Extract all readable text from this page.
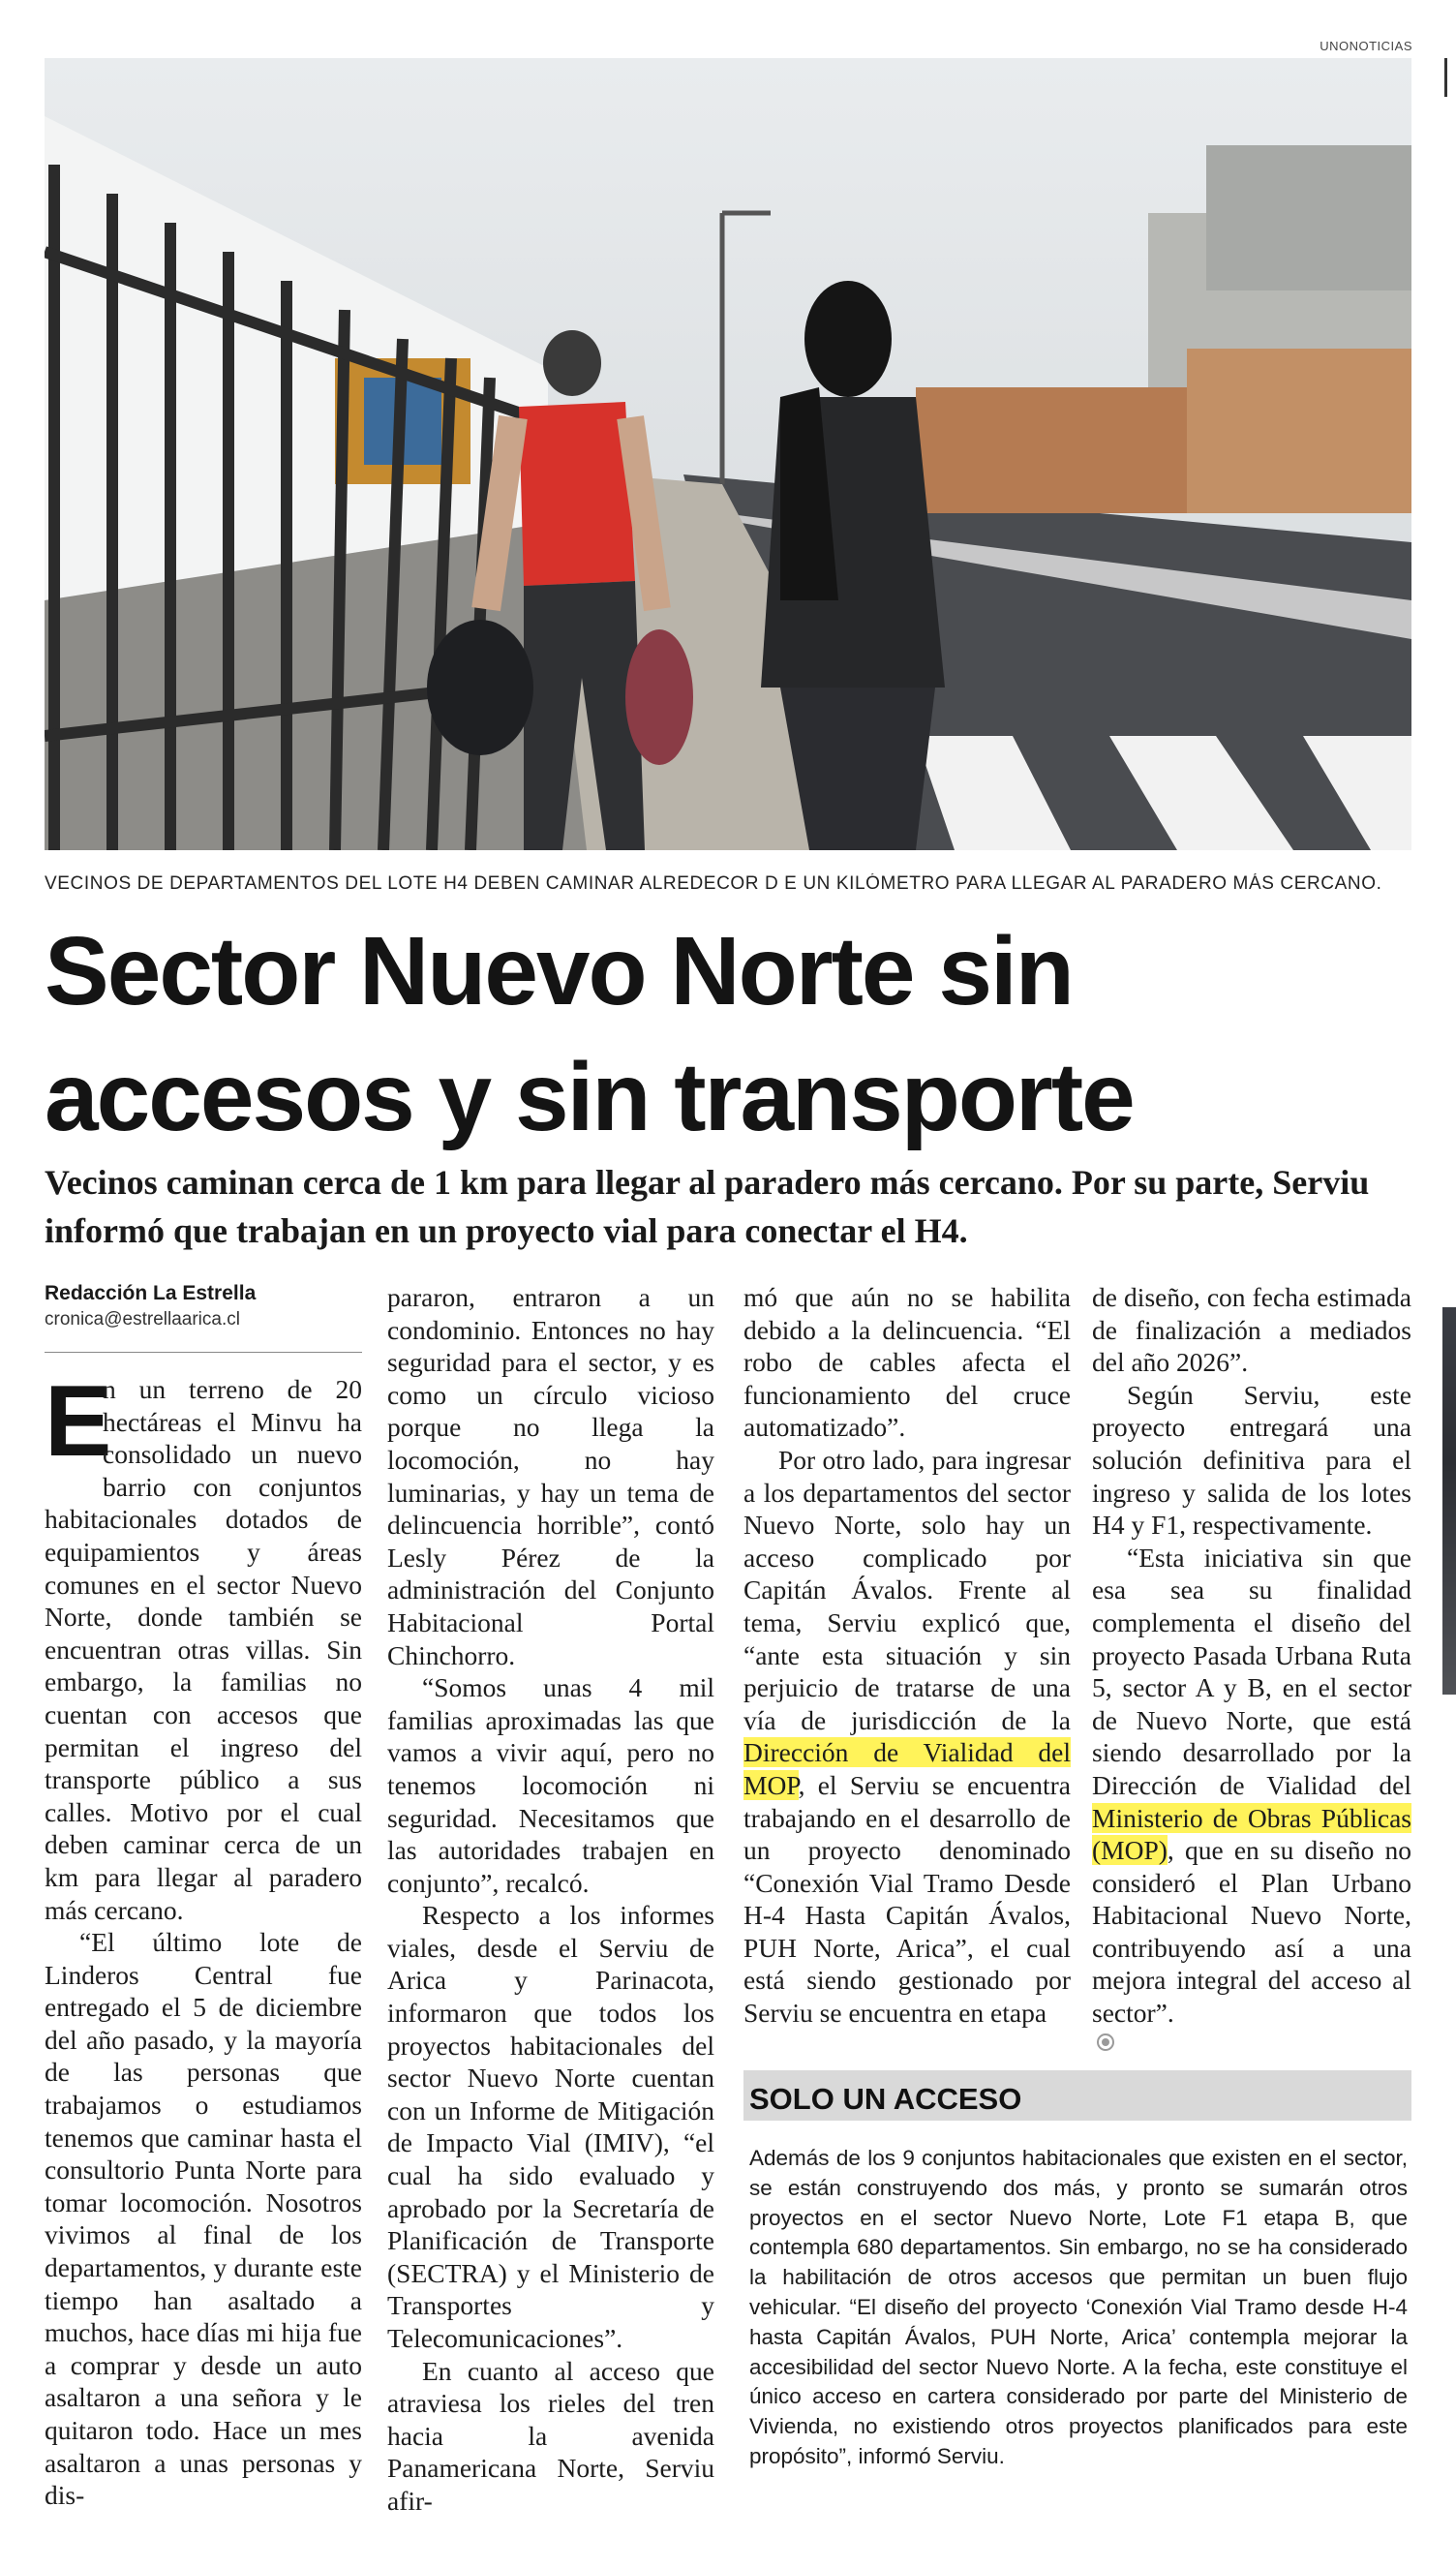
UNONOTICIAS
VECINOS DE DEPARTAMENTOS DEL LOTE H4 DEBEN CAMINAR ALREDECOR D E UN KILÓMETRO PARA LLEGAR AL PARADERO MÁS CERCANO.
Sector Nuevo Norte sin
accesos y sin transporte
Vecinos caminan cerca de 1 km para llegar al paradero más cercano. Por su parte, Serviu informó que trabajan en un proyecto vial para conectar el H4.
Redacción La Estrella
cronica@estrellaarica.cl

E
n un terreno de 20 hectáreas el Minvu ha consolidado un nuevo barrio con conjuntos habitacionales dotados de equipamientos y áreas comunes en el sector Nuevo Norte, donde también se encuentran otras villas. Sin embargo, la familias no cuentan con accesos que permitan el ingreso del transporte público a sus calles. Motivo por el cual deben caminar cerca de un km para llegar al paradero más cercano.

“El último lote de Linderos Central fue entregado el 5 de diciembre del año pasado, y la mayoría de las personas que trabajamos o estudiamos tenemos que caminar hasta el consultorio Punta Norte para tomar locomoción. Nosotros vivimos al final de los departamentos, y durante este tiempo han asaltado a muchos, hace días mi hija fue a comprar y desde un auto asaltaron a una señora y le quitaron todo. Hace un mes asaltaron a unas personas y dis-

pararon, entraron a un condominio. Entonces no hay seguridad para el sector, y es como un círculo vicioso porque no llega la locomoción, no hay luminarias, y hay un tema de delincuencia horrible”, contó Lesly Pérez de la administración del Conjunto Habitacional Portal Chinchorro.

“Somos unas 4 mil familias aproximadas las que vamos a vivir aquí, pero no tenemos locomoción ni seguridad. Necesitamos que las autoridades trabajen en conjunto”, recalcó.

Respecto a los informes viales, desde el Serviu de Arica y Parinacota, informaron que todos los proyectos habitacionales del sector Nuevo Norte cuentan con un Informe de Mitigación de Impacto Vial (IMIV), “el cual ha sido evaluado y aprobado por la Secretaría de Planificación de Transporte (SECTRA) y el Ministerio de Transportes y Telecomunicaciones”.

En cuanto al acceso que atraviesa los rieles del tren hacia la avenida Panamericana Norte, Serviu afir-

mó que aún no se habilita debido a la delincuencia. “El robo de cables afecta el funcionamiento del cruce automatizado”.

Por otro lado, para ingresar a los departamentos del sector Nuevo Norte, solo hay un acceso complicado por Capitán Ávalos. Frente al tema, Serviu explicó que, “ante esta situación y sin perjuicio de tratarse de una vía de jurisdicción de la Dirección de Vialidad del MOP, el Serviu se encuentra trabajando en el desarrollo de un proyecto denominado “Conexión Vial Tramo Desde H-4 Hasta Capitán Ávalos, PUH Norte, Arica”, el cual está siendo gestionado por Serviu se encuentra en etapa

de diseño, con fecha estimada de finalización a mediados del año 2026”.

Según Serviu, este proyecto entregará una solución definitiva para el ingreso y salida de los lotes H4 y F1, respectivamente.

“Esta iniciativa sin que esa sea su finalidad complementa el diseño del proyecto Pasada Urbana Ruta 5, sector A y B, en el sector de Nuevo Norte, que está siendo desarrollado por la Dirección de Vialidad del Ministerio de Obras Públicas (MOP), que en su diseño no consideró el Plan Urbano Habitacional Nuevo Norte, contribuyendo así a una mejora integral del acceso al sector”.

SOLO UN ACCESO
Además de los 9 conjuntos habitacionales que existen en el sector, se están construyendo dos más, y pronto se sumarán otros proyectos en el sector Nuevo Norte, Lote F1 etapa B, que contempla 680 departamentos. Sin embargo, no se ha considerado la habilitación de otros accesos que permitan un buen flujo vehicular. “El diseño del proyecto ‘Conexión Vial Tramo desde H-4 hasta Capitán Ávalos, PUH Norte, Arica’ contempla mejorar la accesibilidad del sector Nuevo Norte. A la fecha, este constituye el único acceso en cartera considerado por parte del Ministerio de Vivienda, no existiendo otros proyectos planificados para este propósito”, informó Serviu.
